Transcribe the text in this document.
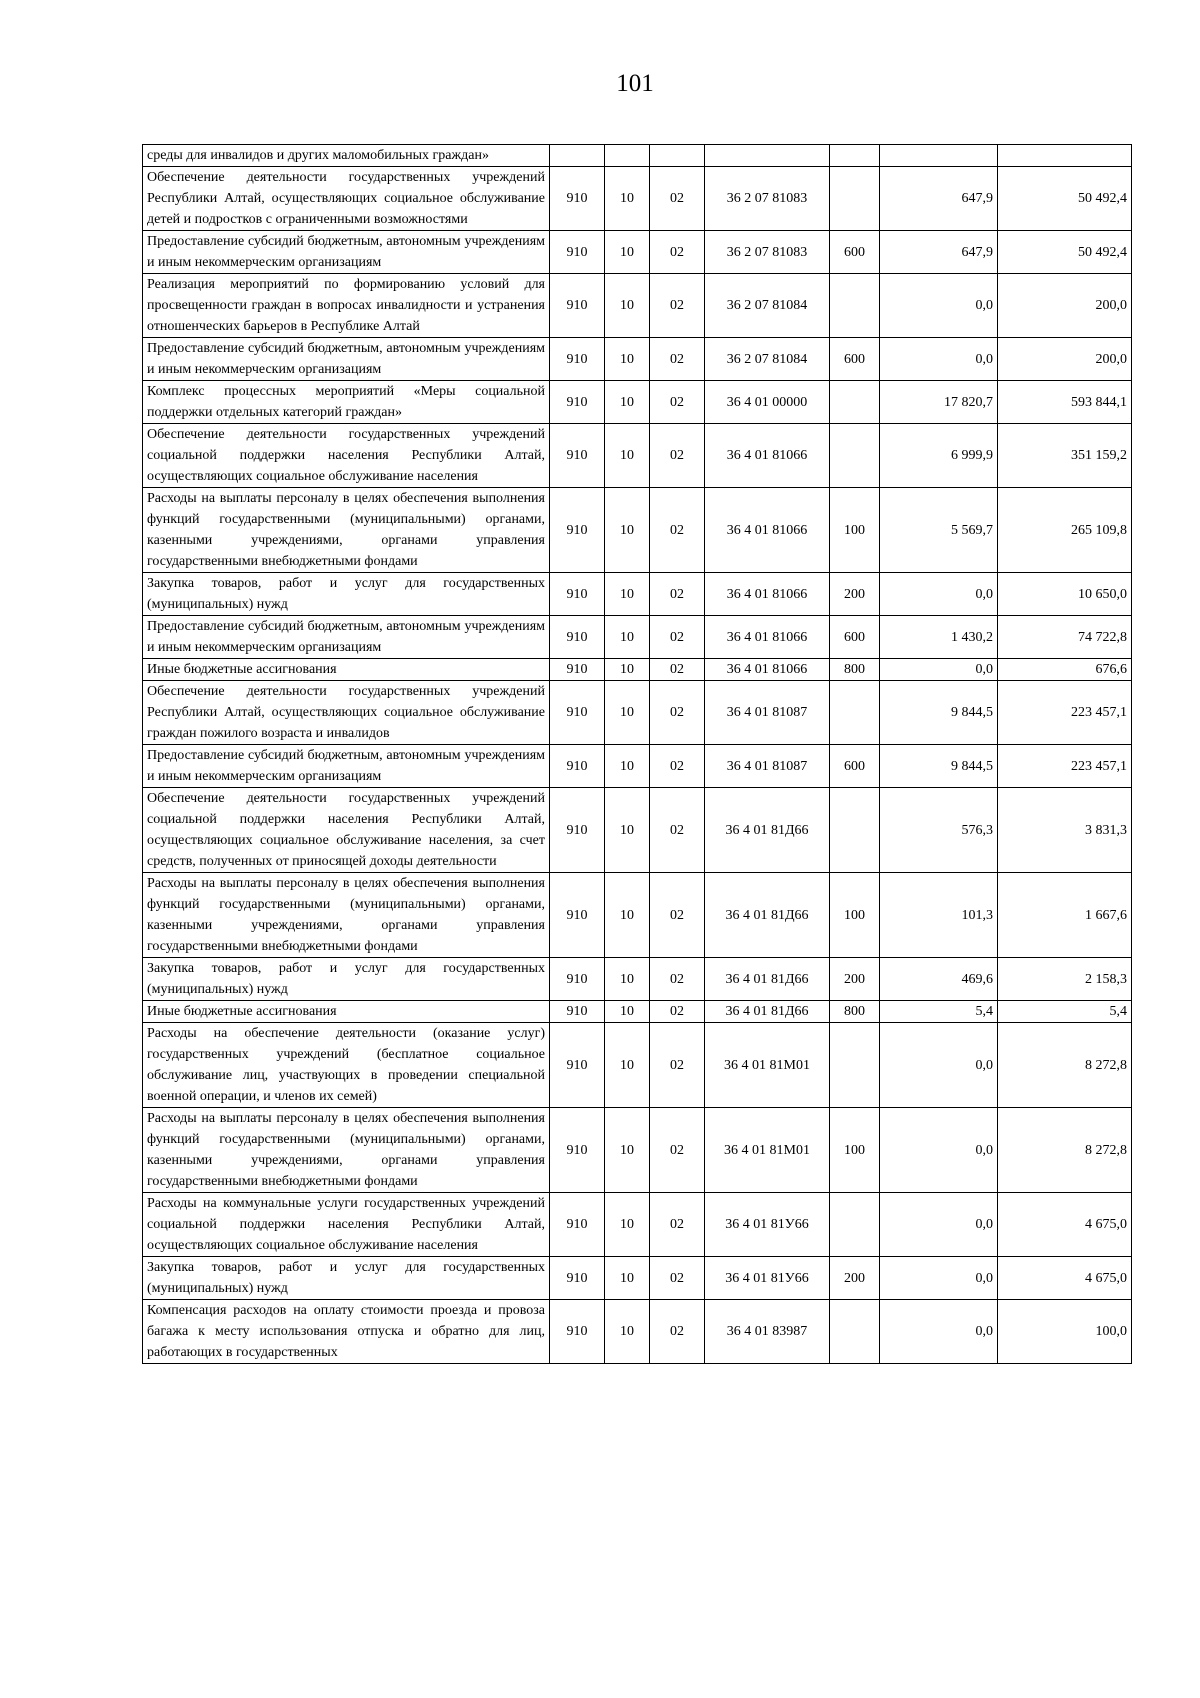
101
среды для инвалидов и других маломобильных граждан»							
Обеспечение деятельности государственных учреждений Республики Алтай, осуществляющих социальное обслуживание детей и подростков с ограниченными возможностями	910	10	02	36 2 07 81083		647,9	50 492,4
Предоставление субсидий бюджетным, автономным учреждениям и иным некоммерческим организациям	910	10	02	36 2 07 81083	600	647,9	50 492,4
Реализация мероприятий по формированию условий для просвещенности граждан в вопросах инвалидности и устранения отношенческих барьеров в Республике Алтай	910	10	02	36 2 07 81084		0,0	200,0
Предоставление субсидий бюджетным, автономным учреждениям и иным некоммерческим организациям	910	10	02	36 2 07 81084	600	0,0	200,0
Комплекс процессных мероприятий «Меры социальной поддержки отдельных категорий граждан»	910	10	02	36 4 01 00000		17 820,7	593 844,1
Обеспечение деятельности государственных учреждений социальной поддержки населения Республики Алтай, осуществляющих социальное обслуживание населения	910	10	02	36 4 01 81066		6 999,9	351 159,2
Расходы на выплаты персоналу в целях обеспечения выполнения функций государственными (муниципальными) органами, казенными учреждениями, органами управления государственными внебюджетными фондами	910	10	02	36 4 01 81066	100	5 569,7	265 109,8
Закупка товаров, работ и услуг для государственных (муниципальных) нужд	910	10	02	36 4 01 81066	200	0,0	10 650,0
Предоставление субсидий бюджетным, автономным учреждениям и иным некоммерческим организациям	910	10	02	36 4 01 81066	600	1 430,2	74 722,8
Иные бюджетные ассигнования	910	10	02	36 4 01 81066	800	0,0	676,6
Обеспечение деятельности государственных учреждений Республики Алтай, осуществляющих социальное обслуживание граждан пожилого возраста и инвалидов	910	10	02	36 4 01 81087		9 844,5	223 457,1
Предоставление субсидий бюджетным, автономным учреждениям и иным некоммерческим организациям	910	10	02	36 4 01 81087	600	9 844,5	223 457,1
Обеспечение деятельности государственных учреждений социальной поддержки населения Республики Алтай, осуществляющих социальное обслуживание населения, за счет средств, полученных от приносящей доходы деятельности	910	10	02	36 4 01 81Д66		576,3	3 831,3
Расходы на выплаты персоналу в целях обеспечения выполнения функций государственными (муниципальными) органами, казенными учреждениями, органами управления государственными внебюджетными фондами	910	10	02	36 4 01 81Д66	100	101,3	1 667,6
Закупка товаров, работ и услуг для государственных (муниципальных) нужд	910	10	02	36 4 01 81Д66	200	469,6	2 158,3
Иные бюджетные ассигнования	910	10	02	36 4 01 81Д66	800	5,4	5,4
Расходы на обеспечение деятельности (оказание услуг) государственных учреждений (бесплатное социальное обслуживание лиц, участвующих в проведении специальной военной операции, и членов их семей)	910	10	02	36 4 01 81М01		0,0	8 272,8
Расходы на выплаты персоналу в целях обеспечения выполнения функций государственными (муниципальными) органами, казенными учреждениями, органами управления государственными внебюджетными фондами	910	10	02	36 4 01 81М01	100	0,0	8 272,8
Расходы на коммунальные услуги государственных учреждений социальной поддержки населения Республики Алтай, осуществляющих социальное обслуживание населения	910	10	02	36 4 01 81У66		0,0	4 675,0
Закупка товаров, работ и услуг для государственных (муниципальных) нужд	910	10	02	36 4 01 81У66	200	0,0	4 675,0
Компенсация расходов на оплату стоимости проезда и провоза багажа к месту использования отпуска и обратно для лиц, работающих в государственных	910	10	02	36 4 01 83987		0,0	100,0
